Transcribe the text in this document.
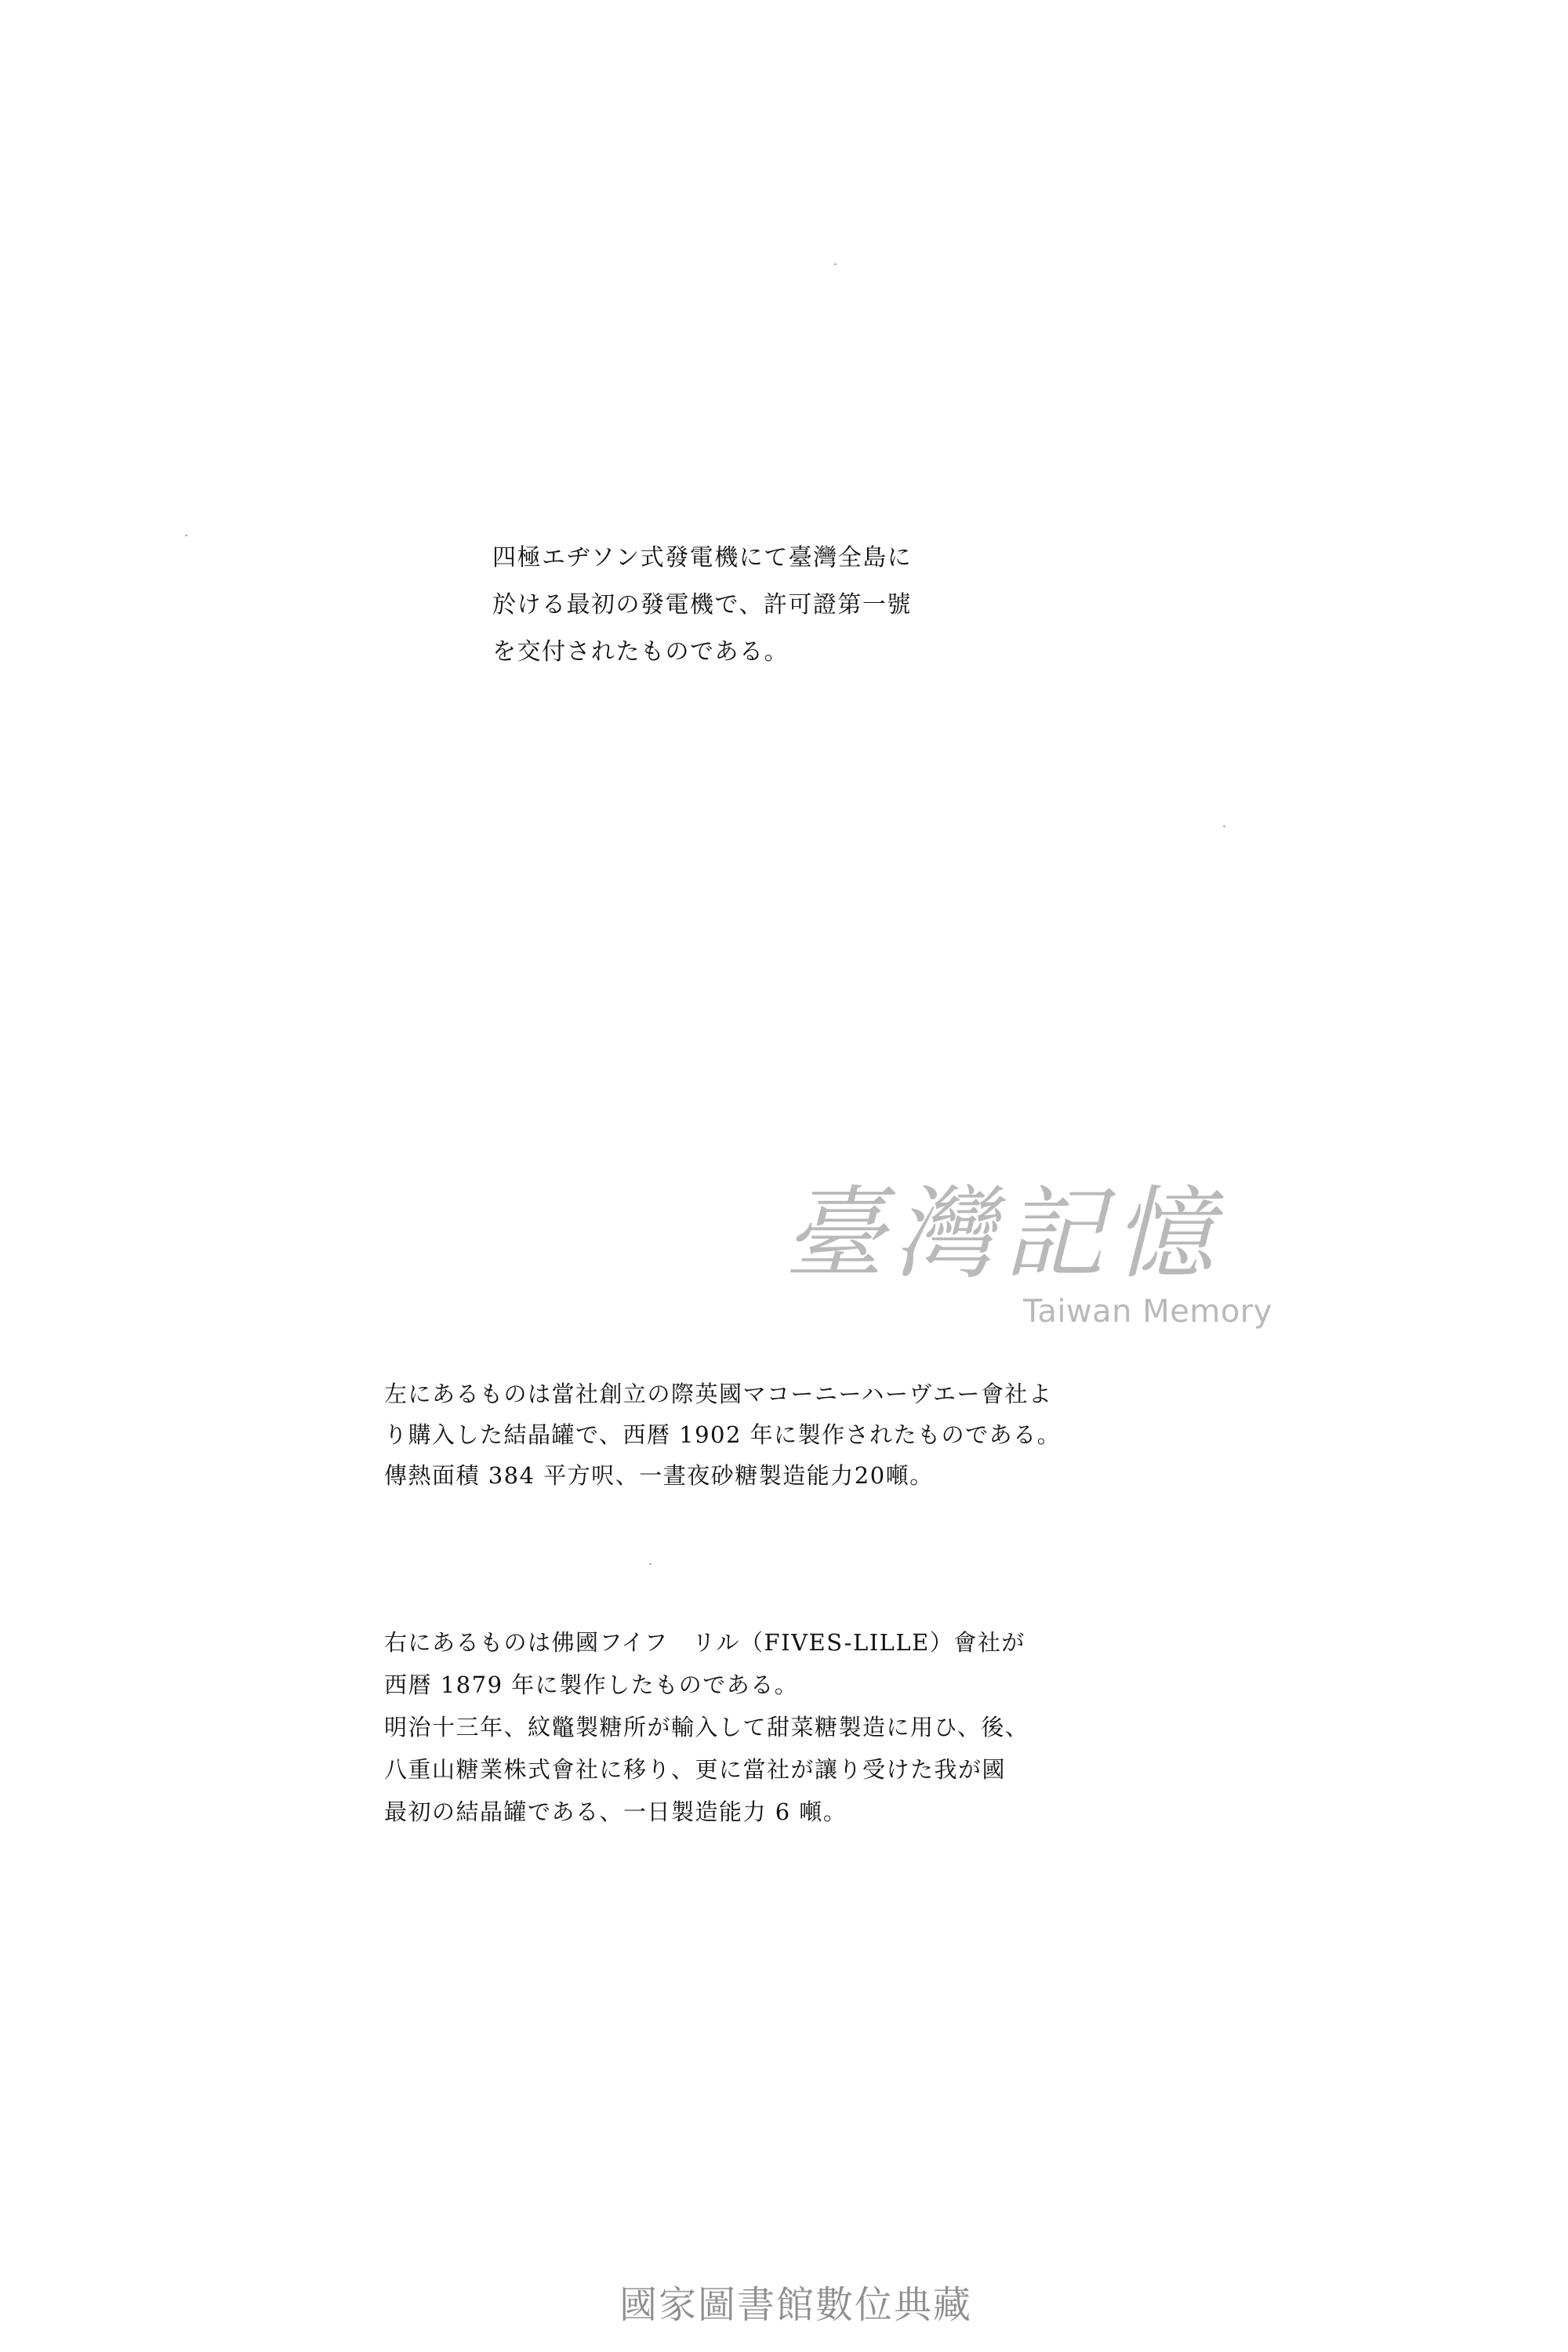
四極エヂソン式發電機にて臺灣全島に
於ける最初の發電機で、許可證第一號
を交付されたものである。
臺灣記憶
Taiwan Memory
左にあるものは當社創立の際英國マコーニーハーヴエー會社よ
り購入した結晶罐で、西暦 1902 年に製作されたものである。
傳熱面積 384 平方呎、一晝夜砂糖製造能力20噸。
右にあるものは佛國フイフ　リル（FIVES-LILLE）會社が
西暦 1879 年に製作したものである。
明治十三年、紋鼈製糖所が輸入して甜菜糖製造に用ひ、後、
八重山糖業株式會社に移り、更に當社が讓り受けた我が國
最初の結晶罐である、一日製造能力 6 噸。
國家圖書館數位典藏
